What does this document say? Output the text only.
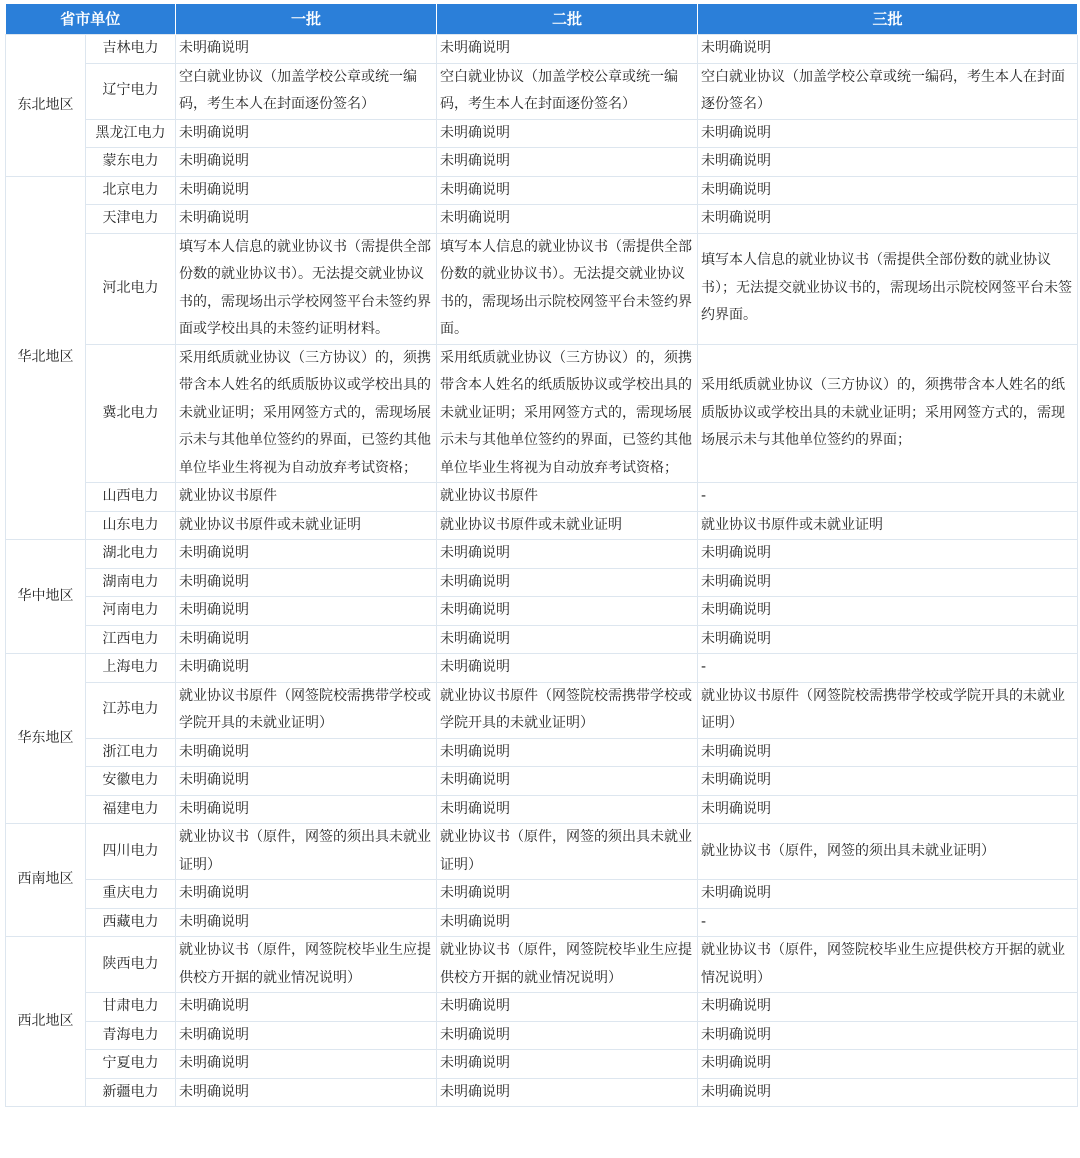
省市单位		一批	二批	三批
东北地区	吉林电力	未明确说明	未明确说明	未明确说明
	辽宁电力	空白就业协议（加盖学校公章或统一编码，考生本人在封面逐份签名）	空白就业协议（加盖学校公章或统一编码，考生本人在封面逐份签名）	空白就业协议（加盖学校公章或统一编码，考生本人在封面逐份签名）
	黑龙江电力	未明确说明	未明确说明	未明确说明
	蒙东电力	未明确说明	未明确说明	未明确说明
华北地区	北京电力	未明确说明	未明确说明	未明确说明
	天津电力	未明确说明	未明确说明	未明确说明
	河北电力	填写本人信息的就业协议书（需提供全部份数的就业协议书）。无法提交就业协议书的，需现场出示学校网签平台未签约界面或学校出具的未签约证明材料。	填写本人信息的就业协议书（需提供全部份数的就业协议书）。无法提交就业协议书的，需现场出示院校网签平台未签约界面。	填写本人信息的就业协议书（需提供全部份数的就业协议书）；无法提交就业协议书的，需现场出示院校网签平台未签约界面。
	冀北电力	采用纸质就业协议（三方协议）的，须携带含本人姓名的纸质版协议或学校出具的未就业证明；采用网签方式的，需现场展示未与其他单位签约的界面，已签约其他单位毕业生将视为自动放弃考试资格；	采用纸质就业协议（三方协议）的，须携带含本人姓名的纸质版协议或学校出具的未就业证明；采用网签方式的，需现场展示未与其他单位签约的界面，已签约其他单位毕业生将视为自动放弃考试资格；	采用纸质就业协议（三方协议）的，须携带含本人姓名的纸质版协议或学校出具的未就业证明；采用网签方式的，需现场展示未与其他单位签约的界面；
	山西电力	就业协议书原件	就业协议书原件	-
	山东电力	就业协议书原件或未就业证明	就业协议书原件或未就业证明	就业协议书原件或未就业证明
华中地区	湖北电力	未明确说明	未明确说明	未明确说明
	湖南电力	未明确说明	未明确说明	未明确说明
	河南电力	未明确说明	未明确说明	未明确说明
	江西电力	未明确说明	未明确说明	未明确说明
华东地区	上海电力	未明确说明	未明确说明	-
	江苏电力	就业协议书原件（网签院校需携带学校或学院开具的未就业证明）	就业协议书原件（网签院校需携带学校或学院开具的未就业证明）	就业协议书原件（网签院校需携带学校或学院开具的未就业证明）
	浙江电力	未明确说明	未明确说明	未明确说明
	安徽电力	未明确说明	未明确说明	未明确说明
	福建电力	未明确说明	未明确说明	未明确说明
西南地区	四川电力	就业协议书（原件，网签的须出具未就业证明）	就业协议书（原件，网签的须出具未就业证明）	就业协议书（原件，网签的须出具未就业证明）
	重庆电力	未明确说明	未明确说明	未明确说明
	西藏电力	未明确说明	未明确说明	-
西北地区	陕西电力	就业协议书（原件，网签院校毕业生应提供校方开据的就业情况说明）	就业协议书（原件，网签院校毕业生应提供校方开据的就业情况说明）	就业协议书（原件，网签院校毕业生应提供校方开据的就业情况说明）
	甘肃电力	未明确说明	未明确说明	未明确说明
	青海电力	未明确说明	未明确说明	未明确说明
	宁夏电力	未明确说明	未明确说明	未明确说明
	新疆电力	未明确说明	未明确说明	未明确说明
